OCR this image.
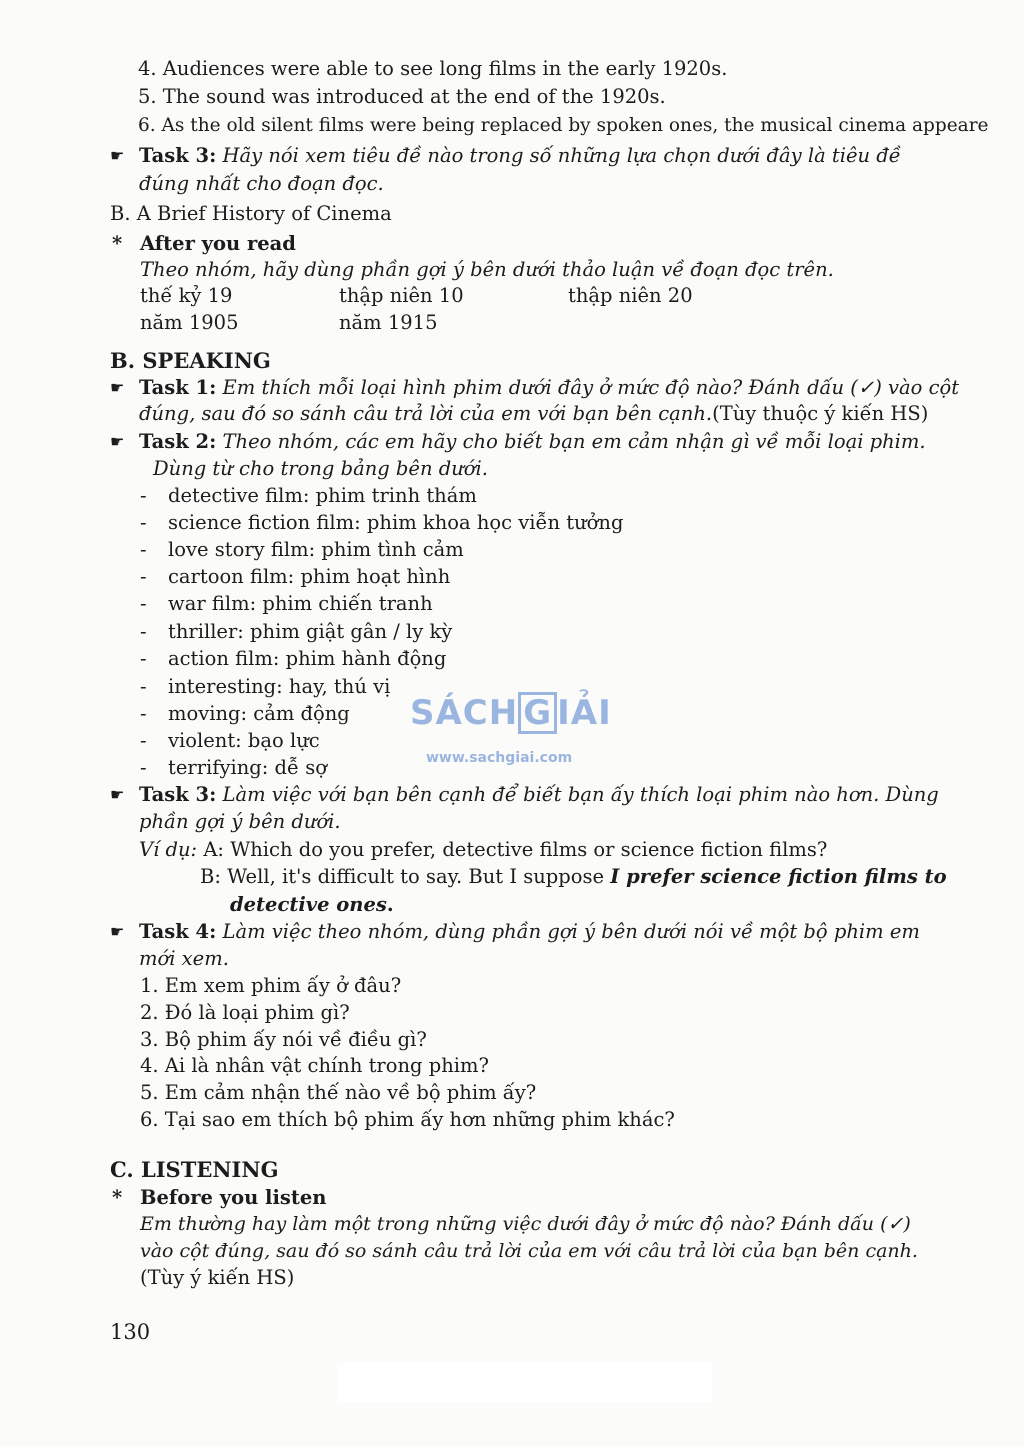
4. Audiences were able to see long films in the early 1920s.
5. The sound was introduced at the end of the 1920s.
6. As the old silent films were being replaced by spoken ones, the musical cinema appeare
☛ Task 3: Hãy nói xem tiêu đề nào trong số những lựa chọn dưới đây là tiêu đề
đúng nhất cho đoạn đọc.
B. A Brief History of Cinema
* After you read
Theo nhóm, hãy dùng phần gợi ý bên dưới thảo luận về đoạn đọc trên.
thế kỷ 19	thập niên 10	thập niên 20
năm 1905	năm 1915
B. SPEAKING
☛ Task 1: Em thích mỗi loại hình phim dưới đây ở mức độ nào? Đánh dấu (✓) vào cột
đúng, sau đó so sánh câu trả lời của em với bạn bên cạnh.(Tùy thuộc ý kiến HS)
☛ Task 2: Theo nhóm, các em hãy cho biết bạn em cảm nhận gì về mỗi loại phim.
Dùng từ cho trong bảng bên dưới.
- detective film: phim trinh thám
- science fiction film: phim khoa học viễn tưởng
- love story film: phim tình cảm
- cartoon film: phim hoạt hình
- war film: phim chiến tranh
- thriller: phim giật gân / ly kỳ
- action film: phim hành động
- interesting: hay, thú vị
- moving: cảm động
- violent: bạo lực
- terrifying: dễ sợ
☛ Task 3: Làm việc với bạn bên cạnh để biết bạn ấy thích loại phim nào hơn. Dùng
phần gợi ý bên dưới.
Ví dụ: A: Which do you prefer, detective films or science fiction films?
B: Well, it's difficult to say. But I suppose I prefer science fiction films to
detective ones.
☛ Task 4: Làm việc theo nhóm, dùng phần gợi ý bên dưới nói về một bộ phim em
mới xem.
1. Em xem phim ấy ở đâu?
2. Đó là loại phim gì?
3. Bộ phim ấy nói về điều gì?
4. Ai là nhân vật chính trong phim?
5. Em cảm nhận thế nào về bộ phim ấy?
6. Tại sao em thích bộ phim ấy hơn những phim khác?
C. LISTENING
* Before you listen
Em thường hay làm một trong những việc dưới đây ở mức độ nào? Đánh dấu (✓)
vào cột đúng, sau đó so sánh câu trả lời của em với câu trả lời của bạn bên cạnh.
(Tùy ý kiến HS)
130
SÁCH G IẢI
www.sachgiai.com
